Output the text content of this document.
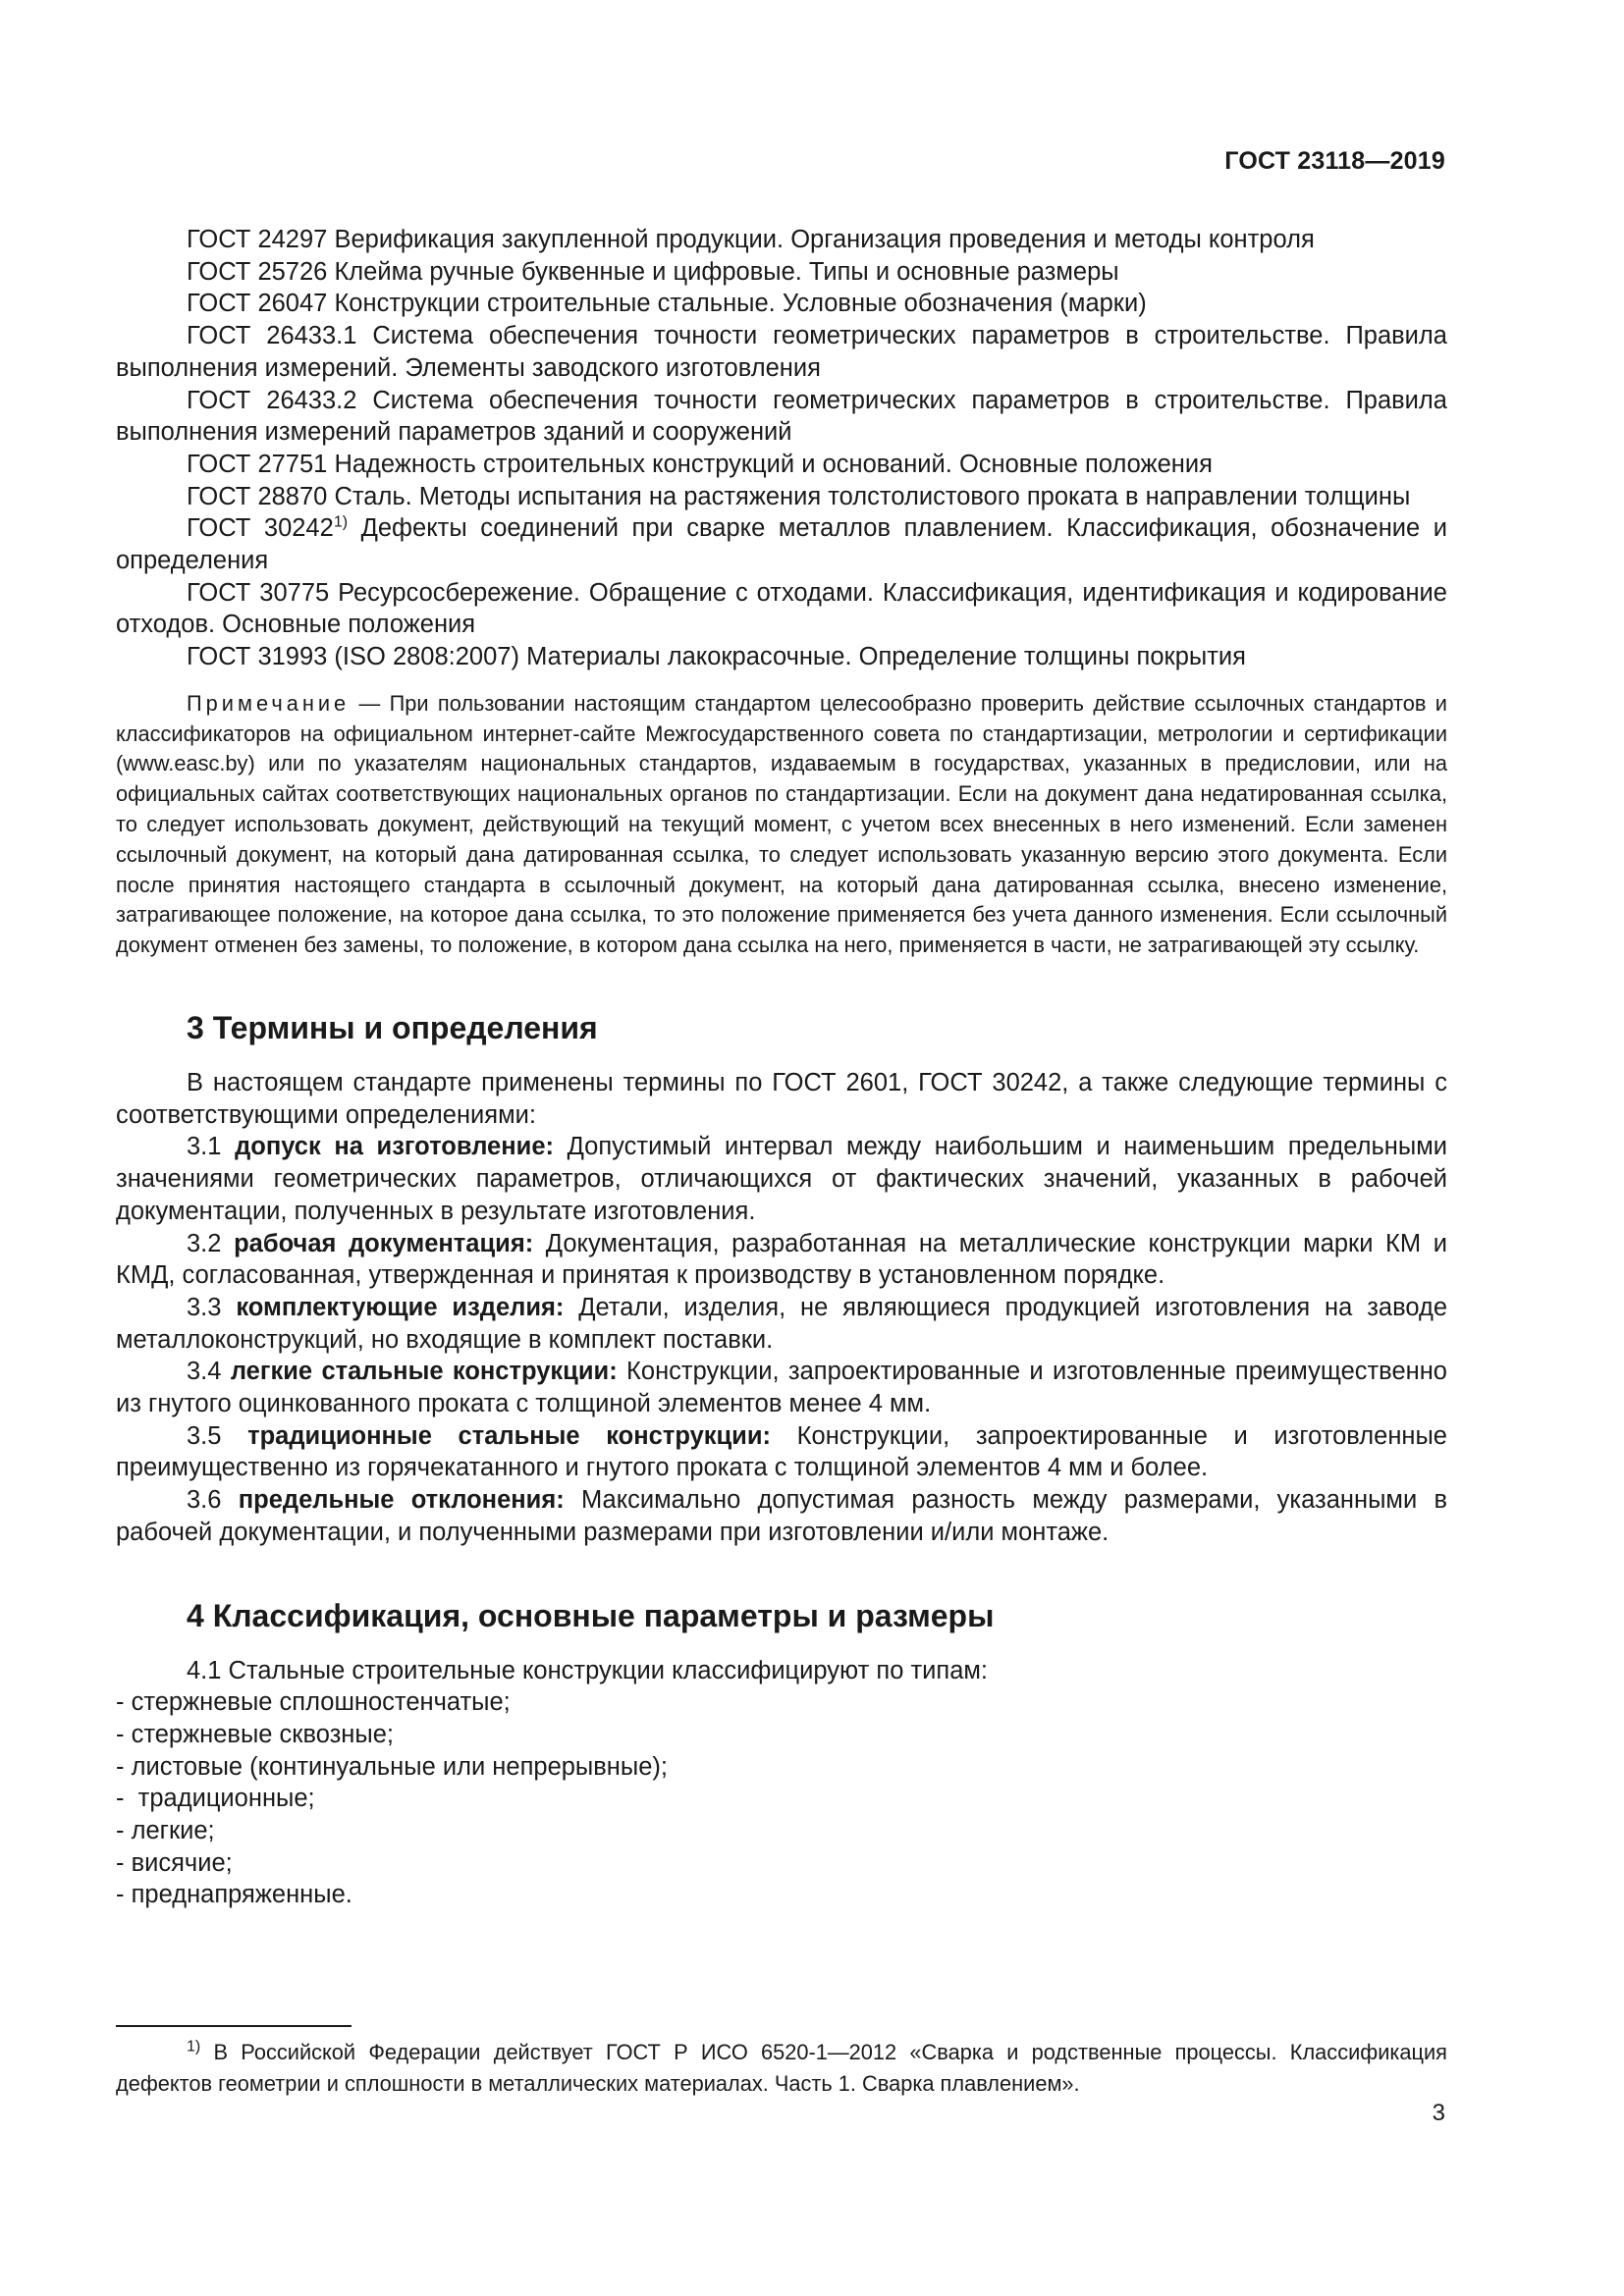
ГОСТ 23118—2019

ГОСТ 24297 Верификация закупленной продукции. Организация проведения и методы контроля

ГОСТ 25726 Клейма ручные буквенные и цифровые. Типы и основные размеры

ГОСТ 26047 Конструкции строительные стальные. Условные обозначения (марки)

ГОСТ 26433.1 Система обеспечения точности геометрических параметров в строительстве. Правила выполнения измерений. Элементы заводского изготовления

ГОСТ 26433.2 Система обеспечения точности геометрических параметров в строительстве. Правила выполнения измерений параметров зданий и сооружений

ГОСТ 27751 Надежность строительных конструкций и оснований. Основные положения

ГОСТ 28870 Сталь. Методы испытания на растяжения толстолистового проката в направлении толщины

ГОСТ 30242$^{1)}$ Дефекты соединений при сварке металлов плавлением. Классификация, обозначение и определения

ГОСТ 30775 Ресурсосбережение. Обращение с отходами. Классификация, идентификация и кодирование отходов. Основные положения

ГОСТ 31993 (ISO 2808:2007) Материалы лакокрасочные. Определение толщины покрытия

Примечание — При пользовании настоящим стандартом целесообразно проверить действие ссылочных стандартов и классификаторов на официальном интернет-сайте Межгосударственного совета по стандартизации, метрологии и сертификации (www.easc.by) или по указателям национальных стандартов, издаваемым в государствах, указанных в предисловии, или на официальных сайтах соответствующих национальных органов по стандартизации. Если на документ дана недатированная ссылка, то следует использовать документ, действующий на текущий момент, с учетом всех внесенных в него изменений. Если заменен ссылочный документ, на который дана датированная ссылка, то следует использовать указанную версию этого документа. Если после принятия настоящего стандарта в ссылочный документ, на который дана датированная ссылка, внесено изменение, затрагивающее положение, на которое дана ссылка, то это положение применяется без учета данного изменения. Если ссылочный документ отменен без замены, то положение, в котором дана ссылка на него, применяется в части, не затрагивающей эту ссылку.

3 Термины и определения

В настоящем стандарте применены термины по ГОСТ 2601, ГОСТ 30242, а также следующие термины с соответствующими определениями:

3.1 допуск на изготовление: Допустимый интервал между наибольшим и наименьшим предельными значениями геометрических параметров, отличающихся от фактических значений, указанных в рабочей документации, полученных в результате изготовления.

3.2 рабочая документация: Документация, разработанная на металлические конструкции марки КМ и КМД, согласованная, утвержденная и принятая к производству в установленном порядке.

3.3 комплектующие изделия: Детали, изделия, не являющиеся продукцией изготовления на заводе металлоконструкций, но входящие в комплект поставки.

3.4 легкие стальные конструкции: Конструкции, запроектированные и изготовленные преимущественно из гнутого оцинкованного проката с толщиной элементов менее 4 мм.

3.5 традиционные стальные конструкции: Конструкции, запроектированные и изготовленные преимущественно из горячекатанного и гнутого проката с толщиной элементов 4 мм и более.

3.6 предельные отклонения: Максимально допустимая разность между размерами, указанными в рабочей документации, и полученными размерами при изготовлении и/или монтаже.

4 Классификация, основные параметры и размеры

4.1 Стальные строительные конструкции классифицируют по типам:

- стержневые сплошностенчатые;
- стержневые сквозные;
- листовые (континуальные или непрерывные);
-  традиционные;
- легкие;
- висячие;
- преднапряженные.

$^{1)}$ В Российской Федерации действует ГОСТ Р ИСО 6520-1—2012 «Сварка и родственные процессы. Классификация дефектов геометрии и сплошности в металлических материалах. Часть 1. Сварка плавлением».

3
